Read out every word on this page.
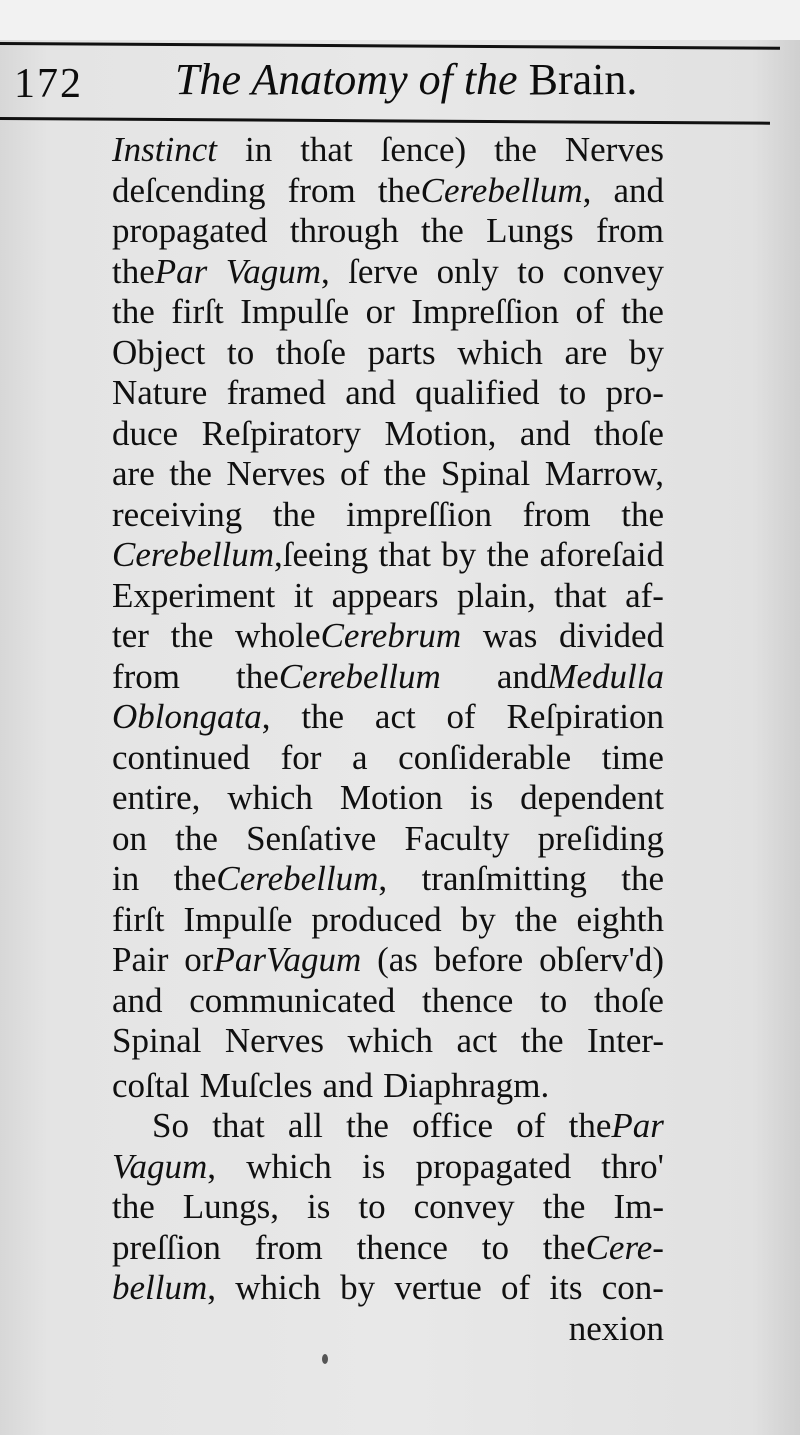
172 The Anatomy of the Brain.
Instinct in that ſence) the Nerves
deſcending from theCerebellum, and
propagated through the Lungs from
thePar Vagum, ſerve only to convey
the firſt Impulſe or Impreſſion of the
Object to thoſe parts which are by
Nature framed and qualified to pro-
duce Reſpiratory Motion, and thoſe
are the Nerves of the Spinal Marrow,
receiving the impreſſion from the
Cerebellum,ſeeing that by the aforeſaid
Experiment it appears plain, that af-
ter the wholeCerebrum was divided
from theCerebellum andMedulla
Oblongata, the act of Reſpiration
continued for a conſiderable time
entire, which Motion is dependent
on the Senſative Faculty preſiding
in theCerebellum, tranſmitting the
firſt Impulſe produced by the eighth
Pair orParVagum (as before obſerv'd)
and communicated thence to thoſe
Spinal Nerves which act the Inter-
coſtal Muſcles and Diaphragm.
So that all the office of thePar
Vagum, which is propagated thro'
the Lungs, is to convey the Im-
preſſion from thence to theCere-
bellum, which by vertue of its con-
nexion
